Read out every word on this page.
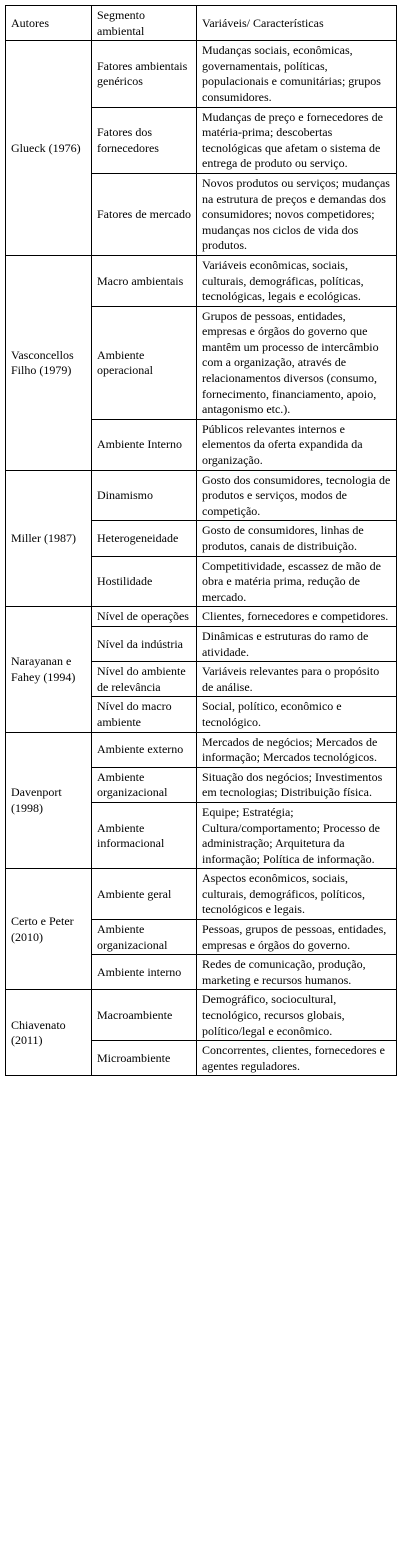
Autores	Segmento ambiental	Variáveis/ Características
Glueck (1976)	Fatores ambientais genéricos	Mudanças sociais, econômicas, governamentais, políticas, populacionais e comunitárias; grupos consumidores.
	Fatores dos fornecedores	Mudanças de preço e fornecedores de matéria-prima; descobertas tecnológicas que afetam o sistema de entrega de produto ou serviço.
	Fatores de mercado	Novos produtos ou serviços; mudanças na estrutura de preços e demandas dos consumidores; novos competidores; mudanças nos ciclos de vida dos produtos.
Vasconcellos Filho (1979)	Macro ambientais	Variáveis econômicas, sociais, culturais, demográficas, políticas, tecnológicas, legais e ecológicas.
	Ambiente operacional	Grupos de pessoas, entidades, empresas e órgãos do governo que mantêm um processo de intercâmbio com a organização, através de relacionamentos diversos (consumo, fornecimento, financiamento, apoio, antagonismo etc.).
	Ambiente Interno	Públicos relevantes internos e elementos da oferta expandida da organização.
Miller (1987)	Dinamismo	Gosto dos consumidores, tecnologia de produtos e serviços, modos de competição.
	Heterogeneidade	Gosto de consumidores, linhas de produtos, canais de distribuição.
	Hostilidade	Competitividade, escassez de mão de obra e matéria prima, redução de mercado.
Narayanan e Fahey (1994)	Nível de operações	Clientes, fornecedores e competidores.
	Nível da indústria	Dinâmicas e estruturas do ramo de atividade.
	Nível do ambiente de relevância	Variáveis relevantes para o propósito de análise.
	Nível do macro ambiente	Social, político, econômico e tecnológico.
Davenport (1998)	Ambiente externo	Mercados de negócios; Mercados de informação; Mercados tecnológicos.
	Ambiente organizacional	Situação dos negócios; Investimentos em tecnologias; Distribuição física.
	Ambiente informacional	Equipe; Estratégia; Cultura/comportamento; Processo de administração; Arquitetura da informação; Política de informação.
Certo e Peter (2010)	Ambiente geral	Aspectos econômicos, sociais, culturais, demográficos, políticos, tecnológicos e legais.
	Ambiente organizacional	Pessoas, grupos de pessoas, entidades, empresas e órgãos do governo.
	Ambiente interno	Redes de comunicação, produção, marketing e recursos humanos.
Chiavenato (2011)	Macroambiente	Demográfico, sociocultural, tecnológico, recursos globais, político/legal e econômico.
	Microambiente	Concorrentes, clientes, fornecedores e agentes reguladores.
